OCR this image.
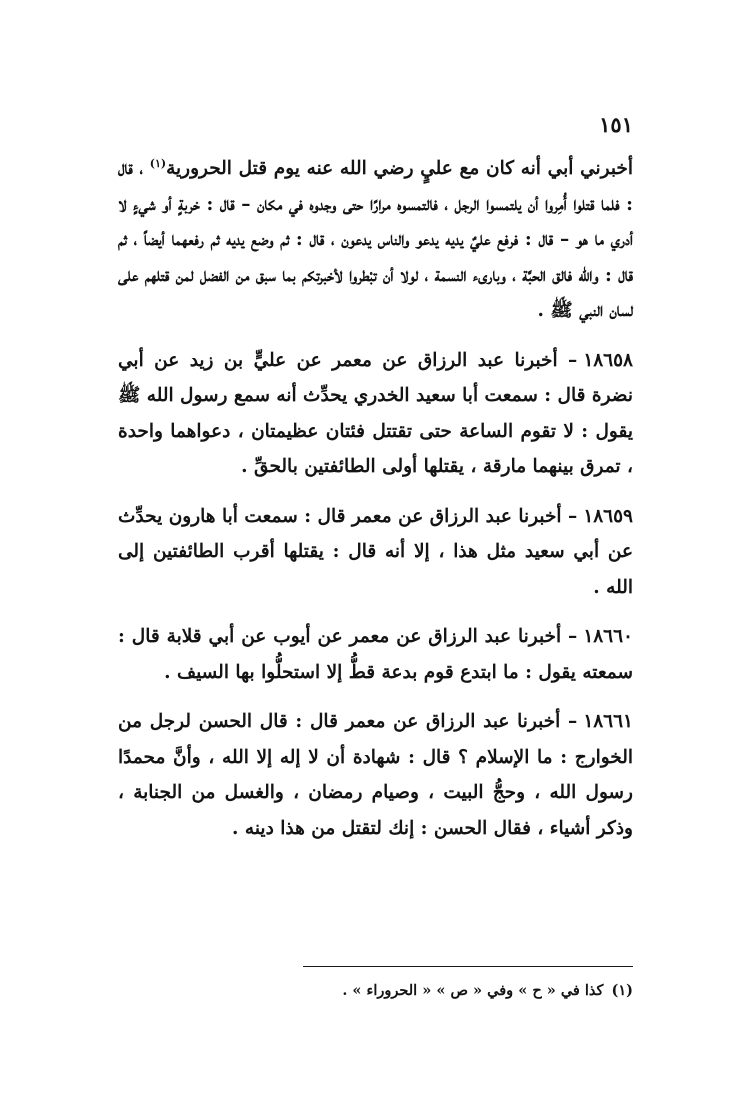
١٥١

أخبرني أبي أنه كان مع عليٍ رضي الله عنه يوم قتل الحرورية$^{(١)}$ ، قال : فلما قتلوا أُمِروا أن يلتمسوا الرجل ، فالتمسوه مرارًا حتى وجدوه في مكان – قال : خربةٍ أو شيءٍ لا أدري ما هو – قال : فرفع عليٌ يديه يدعو والناس يدعون ، قال : ثم وضع يديه ثم رفعهما أيضاً ، ثم قال : والله فالق الحبَّة ، وبارىء النسمة ، لولا أن تبْطروا لأخبرتكم بما سبق من الفضل لمن قتلهم على لسان النبي ﷺ .

١٨٦٥٨– أخبرنا عبد الرزاق عن معمر عن عليٍّ بن زيد عن أبي نضرة قال : سمعت أبا سعيد الخدري يحدِّث أنه سمع رسول الله ﷺ يقول : لا تقوم الساعة حتى تقتتل فئتان عظيمتان ، دعواهما واحدة ، تمرق بينهما مارقة ، يقتلها أولى الطائفتين بالحقِّ .

١٨٦٥٩– أخبرنا عبد الرزاق عن معمر قال : سمعت أبا هارون يحدِّث عن أبي سعيد مثل هذا ، إلا أنه قال : يقتلها أقرب الطائفتين إلى الله .

١٨٦٦٠– أخبرنا عبد الرزاق عن معمر عن أيوب عن أبي قلابة قال : سمعته يقول : ما ابتدع قوم بدعة قطُّ إلا استحلُّوا بها السيف .

١٨٦٦١– أخبرنا عبد الرزاق عن معمر قال : قال الحسن لرجل من الخوارج : ما الإسلام ؟ قال : شهادة أن لا إله إلا الله ، وأنَّ محمدًا رسول الله ، وحجُّ البيت ، وصيام رمضان ، والغسل من الجنابة ، وذكر أشياء ، فقال الحسن : إنك لتقتل من هذا دينه .

(١)كذا في « ح » وفي « ص » « الحروراء » .
